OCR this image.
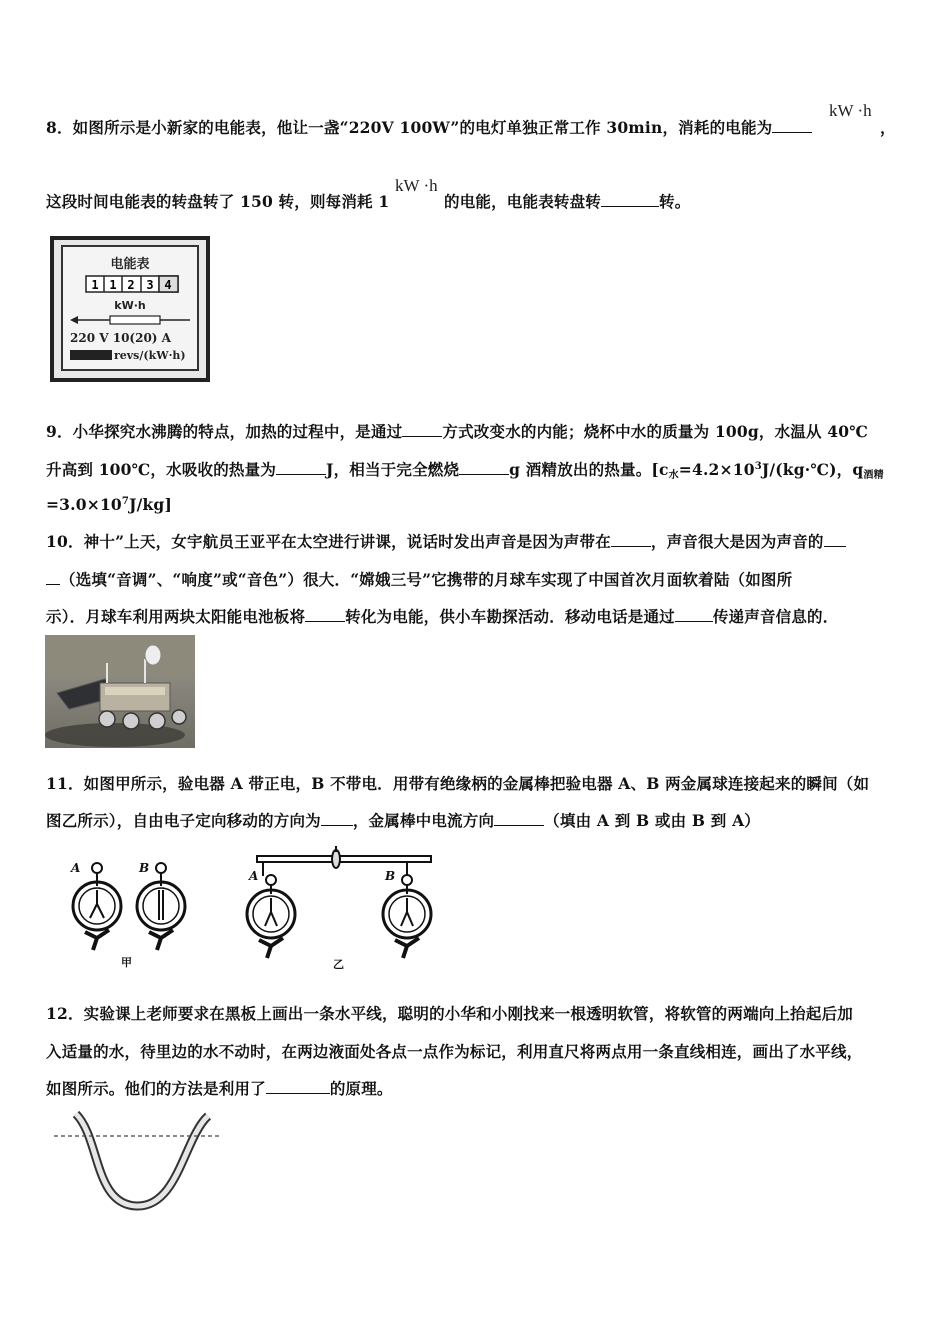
8．如图所示是小新家的电能表，他让一盏“220V 100W”的电灯单独正常工作 30min，消耗的电能为
kW ·h
，
这段时间电能表的转盘转了 150 转，则每消耗 1
kW ·h
的电能，电能表转盘转	转。
电能表
1 1 2 3 4
kW·h
220 V 10(20) A
revs/(kW·h)
9．小华探究水沸腾的特点，加热的过程中，是通过	方式改变水的内能；烧杯中水的质量为 100g，水温从 40℃
升高到 100℃，水吸收的热量为	J，相当于完全燃烧	g 酒精放出的热量。[$c_水=4.2\times 10^3J/(kg\cdot℃)$，$q_{酒精}$
$=3.0\times 10^7J/kg$]
10．神十”上天，女宇航员王亚平在太空进行讲课，说话时发出声音是因为声带在	，声音很大是因为声音的
（选填“音调”、“响度”或“音色”）很大．“嫦娥三号”它携带的月球车实现了中国首次月面软着陆（如图所
示）．月球车利用两块太阳能电池板将	转化为电能，供小车勘探活动．移动电话是通过 传递声音信息的．
11．如图甲所示，验电器 A 带正电，B 不带电．用带有绝缘柄的金属棒把验电器 A、B 两金属球连接起来的瞬间（如
图乙所示），自由电子定向移动的方向为 ，金属棒中电流方向	（填由 A 到 B 或由 B 到 A）
A	B
A	B
甲	乙
12．实验课上老师要求在黑板上画出一条水平线，聪明的小华和小刚找来一根透明软管，将软管的两端向上抬起后加
入适量的水，待里边的水不动时，在两边液面处各点一点作为标记，利用直尺将两点用一条直线相连，画出了水平线，
如图所示。他们的方法是利用了	的原理。
